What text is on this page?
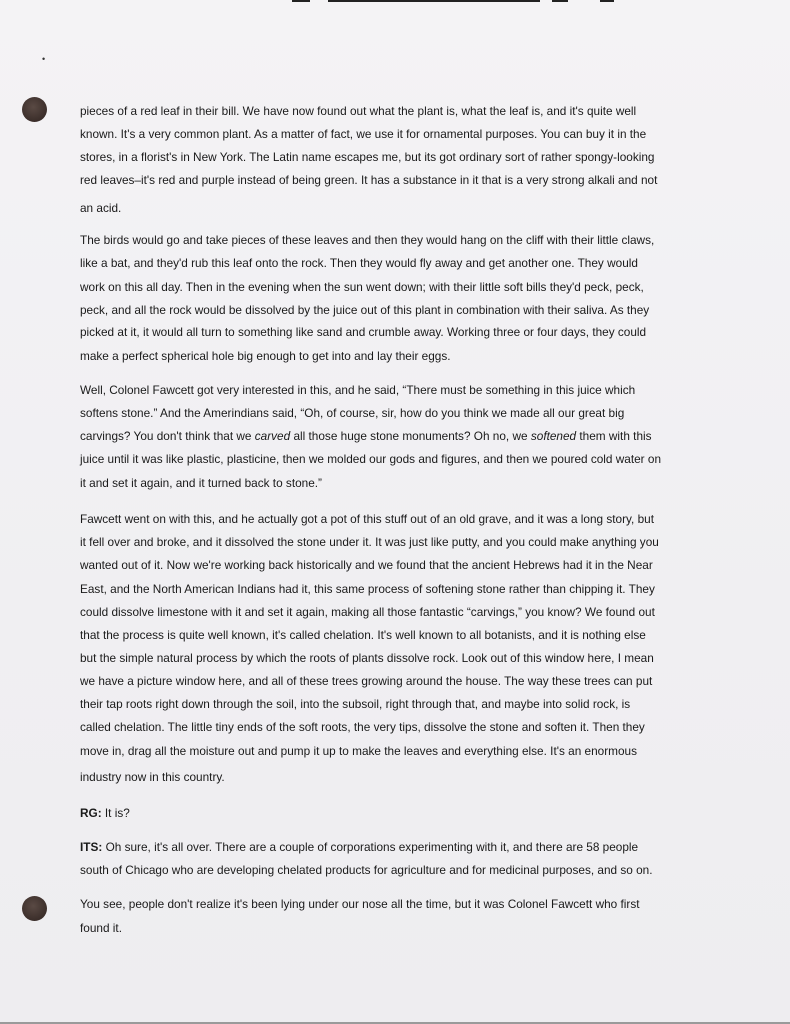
•
pieces of a red leaf in their bill. We have now found out what the plant is, what the leaf is, and it's quite well
known. It's a very common plant. As a matter of fact, we use it for ornamental purposes. You can buy it in the
stores, in a florist's in New York. The Latin name escapes me, but its got ordinary sort of rather spongy-looking
red leaves–it's red and purple instead of being green. It has a substance in it that is a very strong alkali and not
an acid.
The birds would go and take pieces of these leaves and then they would hang on the cliff with their little claws,
like a bat, and they'd rub this leaf onto the rock. Then they would fly away and get another one. They would
work on this all day. Then in the evening when the sun went down; with their little soft bills they'd peck, peck,
peck, and all the rock would be dissolved by the juice out of this plant in combination with their saliva. As they
picked at it, it would all turn to something like sand and crumble away. Working three or four days, they could
make a perfect spherical hole big enough to get into and lay their eggs.
Well, Colonel Fawcett got very interested in this, and he said, “There must be something in this juice which
softens stone.” And the Amerindians said, “Oh, of course, sir, how do you think we made all our great big
carvings? You don't think that we carved all those huge stone monuments? Oh no, we softened them with this
juice until it was like plastic, plasticine, then we molded our gods and figures, and then we poured cold water on
it and set it again, and it turned back to stone.”
Fawcett went on with this, and he actually got a pot of this stuff out of an old grave, and it was a long story, but
it fell over and broke, and it dissolved the stone under it. It was just like putty, and you could make anything you
wanted out of it. Now we're working back historically and we found that the ancient Hebrews had it in the Near
East, and the North American Indians had it, this same process of softening stone rather than chipping it. They
could dissolve limestone with it and set it again, making all those fantastic “carvings,” you know? We found out
that the process is quite well known, it's called chelation. It's well known to all botanists, and it is nothing else
but the simple natural process by which the roots of plants dissolve rock. Look out of this window here, I mean
we have a picture window here, and all of these trees growing around the house. The way these trees can put
their tap roots right down through the soil, into the subsoil, right through that, and maybe into solid rock, is
called chelation. The little tiny ends of the soft roots, the very tips, dissolve the stone and soften it. Then they
move in, drag all the moisture out and pump it up to make the leaves and everything else. It's an enormous
industry now in this country.
RG: It is?
ITS: Oh sure, it's all over. There are a couple of corporations experimenting with it, and there are 58 people
south of Chicago who are developing chelated products for agriculture and for medicinal purposes, and so on.
You see, people don't realize it's been lying under our nose all the time, but it was Colonel Fawcett who first
found it.
